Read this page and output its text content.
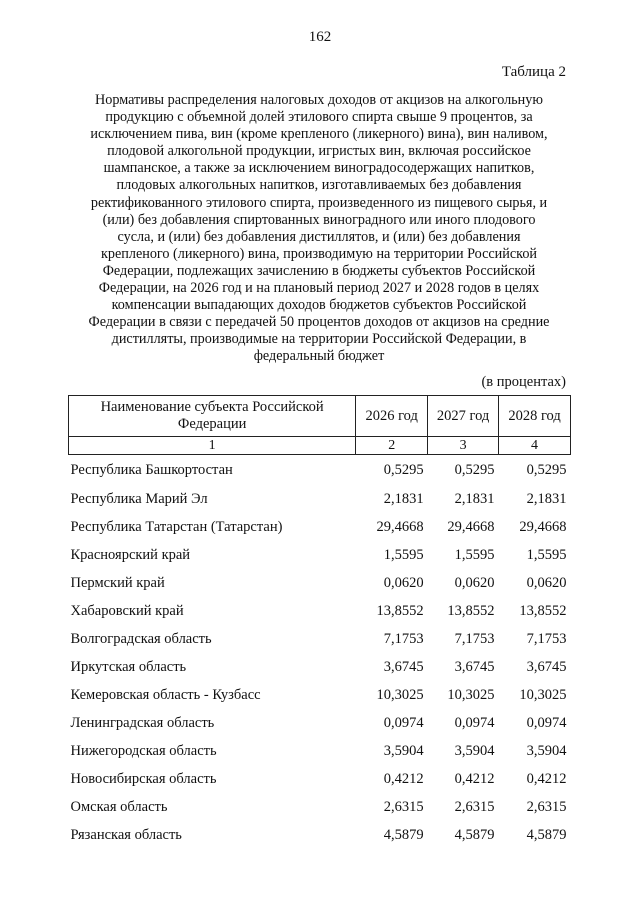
162
Таблица 2
Нормативы распределения налоговых доходов от акцизов на алкогольную
продукцию с объемной долей этилового спирта свыше 9 процентов, за
исключением пива, вин (кроме крепленого (ликерного) вина), вин наливом,
плодовой алкогольной продукции, игристых вин, включая российское
шампанское, а также за исключением виноградосодержащих напитков,
плодовых алкогольных напитков, изготавливаемых без добавления
ректификованного этилового спирта, произведенного из пищевого сырья, и
(или) без добавления спиртованных виноградного или иного плодового
сусла, и (или) без добавления дистиллятов, и (или) без добавления
крепленого (ликерного) вина, производимую на территории Российской
Федерации, подлежащих зачислению в бюджеты субъектов Российской
Федерации, на 2026 год и на плановый период 2027 и 2028 годов в целях
компенсации выпадающих доходов бюджетов субъектов Российской
Федерации в связи с передачей 50 процентов доходов от акцизов на средние
дистилляты, производимые на территории Российской Федерации, в
федеральный бюджет
(в процентах)
Наименование субъекта Российской Федерации	2026 год	2027 год	2028 год
1	2	3	4
Республика Башкортостан	0,5295	0,5295	0,5295
Республика Марий Эл	2,1831	2,1831	2,1831
Республика Татарстан (Татарстан)	29,4668	29,4668	29,4668
Красноярский край	1,5595	1,5595	1,5595
Пермский край	0,0620	0,0620	0,0620
Хабаровский край	13,8552	13,8552	13,8552
Волгоградская область	7,1753	7,1753	7,1753
Иркутская область	3,6745	3,6745	3,6745
Кемеровская область - Кузбасс	10,3025	10,3025	10,3025
Ленинградская область	0,0974	0,0974	0,0974
Нижегородская область	3,5904	3,5904	3,5904
Новосибирская область	0,4212	0,4212	0,4212
Омская область	2,6315	2,6315	2,6315
Рязанская область	4,5879	4,5879	4,5879
